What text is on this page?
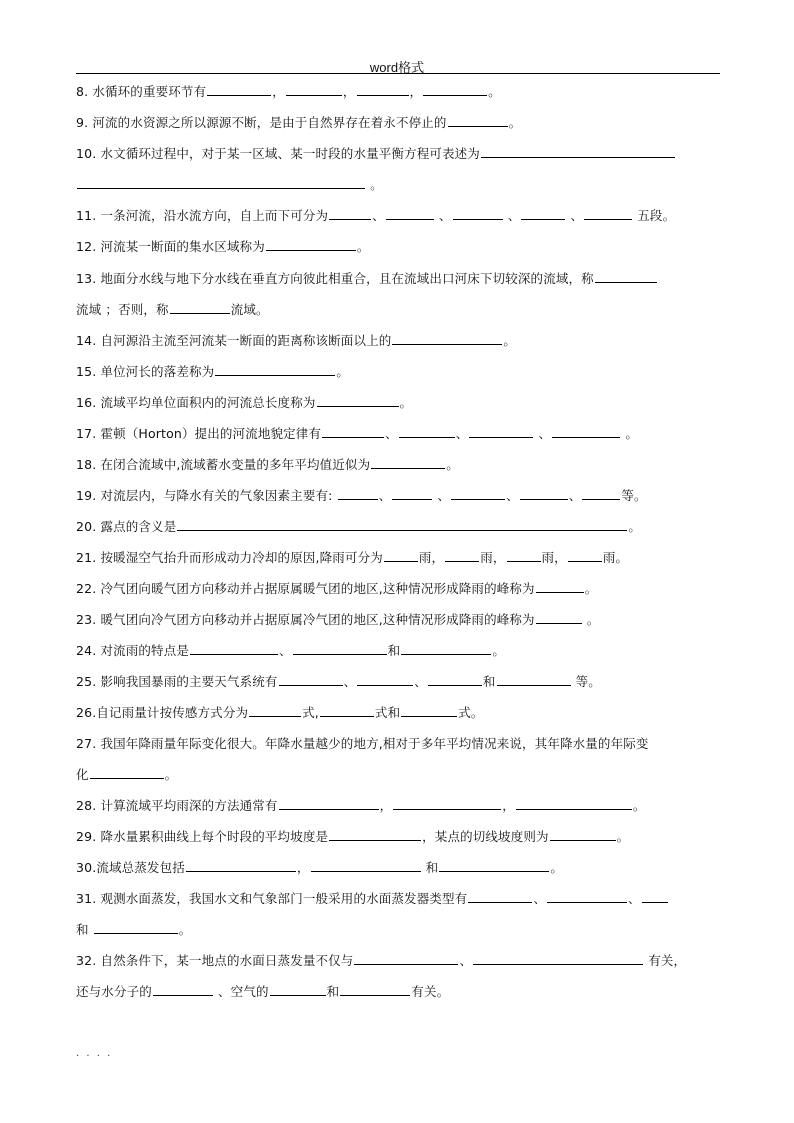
word格式
8. 水循环的重要环节有	，	，	，	。
9. 河流的水资源之所以源源不断，是由于自然界存在着永不停止的	。
10. 水文循环过程中，对于某一区域、某一时段的水量平衡方程可表述为
。
11. 一条河流，沿水流方向，自上而下可分为	、	、	、	、	五段。
12. 河流某一断面的集水区域称为	。
13. 地面分水线与地下分水线在垂直方向彼此相重合，且在流域出口河床下切较深的流域，称
流域 ；否则，称	流域。
14. 自河源沿主流至河流某一断面的距离称该断面以上的	。
15. 单位河长的落差称为	。
16. 流域平均单位面积内的河流总长度称为	。
17. 霍顿（Horton）提出的河流地貌定律有	、	、	、	。
18. 在闭合流域中,流域蓄水变量的多年平均值近似为	。
19. 对流层内，与降水有关的气象因素主要有:	、	、	、	、	等。
20. 露点的含义是	。
21. 按暖湿空气抬升而形成动力冷却的原因,降雨可分为	雨，	雨，	雨，	雨。
22. 冷气团向暖气团方向移动并占据原属暖气团的地区,这种情况形成降雨的峰称为	。
23. 暖气团向冷气团方向移动并占据原属冷气团的地区,这种情况形成降雨的峰称为	。
24. 对流雨的特点是	、	和	。
25. 影响我国暴雨的主要天气系统有	、	、	和	等。
26.自记雨量计按传感方式分为	式,	式和	式。
27. 我国年降雨量年际变化很大。年降水量越少的地方,相对于多年平均情况来说，其年降水量的年际变
化	。
28. 计算流域平均雨深的方法通常有	，	，	。
29. 降水量累积曲线上每个时段的平均坡度是	，某点的切线坡度则为	。
30.流域总蒸发包括	，	和	。
31. 观测水面蒸发，我国水文和气象部门一般采用的水面蒸发器类型有	、	、
和	。
32. 自然条件下，某一地点的水面日蒸发量不仅与	、	有关，
还与水分子的	、空气的	和	有关。
. . . .
